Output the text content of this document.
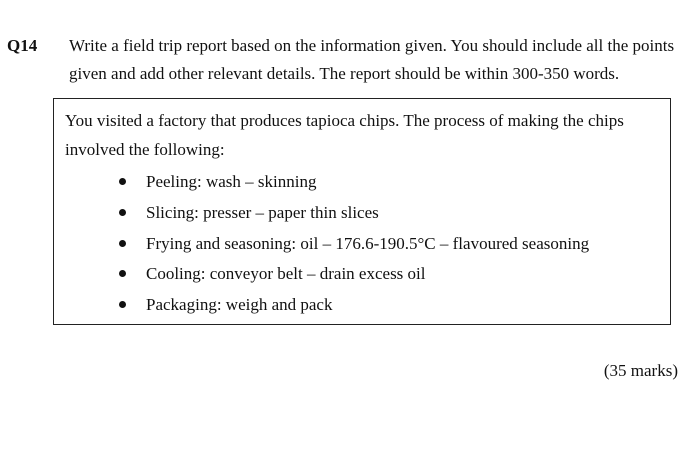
Q14 Write a field trip report based on the information given. You should include all the points

given and add other relevant details. The report should be within 300-350 words.

You visited a factory that produces tapioca chips. The process of making the chips

involved the following:

Peeling: wash – skinning
Slicing: presser – paper thin slices
Frying and seasoning: oil – 176.6-190.5°C – flavoured seasoning
Cooling: conveyor belt – drain excess oil
Packaging: weigh and pack
(35 marks)
